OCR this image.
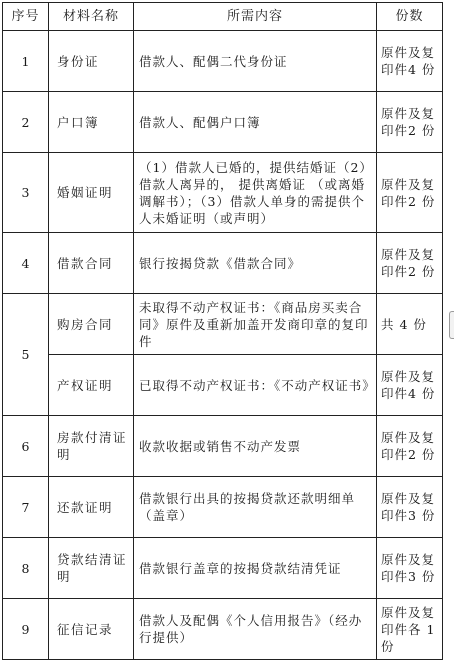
序号	材料名称	所需内容	份数
1	身份证	借款人、配偶二代身份证	原件及复印件4 份
2	户口簿	借款人、配偶户口簿	原件及复印件2 份
3	婚姻证明	（1）借款人已婚的，提供结婚证（2）借款人离异的， 提供离婚证 （或离婚调解书）；（3）借款人单身的需提供个人未婚证明（或声明）	原件及复印件2 份
4	借款合同	银行按揭贷款《借款合同》	原件及复印件2 份
5	购房合同	未取得不动产权证书：《商品房买卖合同》原件及重新加盖开发商印章的复印件	共 4 份
	产权证明	已取得不动产权证书：《不动产权证书》	原件及复印件4 份
6	房款付清证明	收款收据或销售不动产发票	原件及复印件2 份
7	还款证明	借款银行出具的按揭贷款还款明细单（盖章）	原件及复印件3 份
8	贷款结清证明	借款银行盖章的按揭贷款结清凭证	原件及复印件3 份
9	征信记录	借款人及配偶《个人信用报告》（经办行提供）	原件及复印件各 1 份
